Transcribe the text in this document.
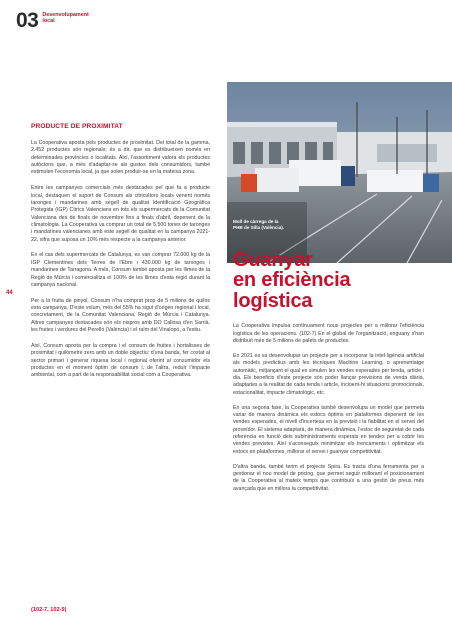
03 Desenvolupament local
44
PRODUCTE DE PROXIMITAT

La Cooperativa aposta pels productes de proximitat. Del total de la gamma, 2.452 productes són regionals; és a dir, que es distribueixen només en determinades províncies o localitats. Així, l'assortiment valora els productes autòctons que, a més d'adaptar-se als gustos dels consumidors, també estimulen l'economia local, ja que solen produir-se en la mateixa zona.

Entre les campanyes comercials més destacades pel que fa a producte local, destaquen el suport de Consum als citricultors locals venent només taronges i mandarines amb segell de qualitat Identificació Geogràfica Protegida (IGP) Cítrics Valencians en tots els supermercats de la Comunitat Valenciana des de finals de novembre fins a finals d'abril, depenent de la climatologia. La Cooperativa va comprar un total de 5.500 tones de taronges i mandarines valencianes amb este segell de qualitat en la campanya 2021-22, xifra que suposa un 10% més respecte a la campanya anterior.

En el cas dels supermercats de Catalunya, es van comprar 72.000 kg de la IGP Clementines dels Terres de l'Ebre i 430.000 kg de taronges i mandarines de Tarragona. A més, Consum també aposta per les llimes de la Regió de Múrcia i comercialitza el 100% de les llimes d'esta regió durant la campanya nacional.

Per a la fruita de pinyol, Consum n'ha comprat prop de 5 milions de quilos esta campanya. D'este volum, més del 55% ha sigut d'origen regional i local, concretament, de la Comunitat Valenciana, Regió de Múrcia i Catalunya. Altres campanyes destacades són els nispros amb DO Callosa d'en Sarrià, les fruites i verdures del Perelló (València) i el raïm del Vinalopó, a l'estiu.

Així, Consum aposta per la compra i el consum de fruites i hortalisses de proximitat i quilòmetre zero amb un doble objectiu: d'una banda, fer costat al sector primari i generar riquesa local i regional oferint al consumidor els productes en el moment òptim de consum i, de l'altra, reduir l'impacte ambiental, com a part de la responsabilitat social com a Cooperativa.

(102-7, 102-9)
Moll de càrrega de la PHB de Silla (València).
Guanyar
en eficiència
logística

La Cooperativa impulsa contínuament nous projectes per a millorar l'eficiència logística de les operacions. (102-7) En el global de l'organització, enguany s'han distribuït més de 5 milions de palets de productes.

En 2021 es va desenvolupar un projecte per a incorporar la intel·ligència artificial als models predictius amb les tècniques Machine Learning, o aprenentatge automàtic, mitjançant el qual es simulen les vendes esperades per tenda, article i dia. Els beneficis d'este projecte són poder llançar previsions de venda diària, adaptades a la realitat de cada tenda i article, incloent-hi situacions promocionals, estacionalitat, impacte climatològic, etc.

En una segona fase, la Cooperativa també desenvolupa un model que permeta variar de manera dinàmica els estocs òptims en plataformes depenent de les vendes esperades, el nivell d'incertesa en la previsió i la fiabilitat en el servei del proveïdor. El sistema adaptarà, de manera dinàmica, l'estoc de seguretat de cada referència en funció dels subministraments esperats en tendes per a cobrir les vendes previstes. Així s'aconseguix minimitzar els trencaments i optimitzar els estocs en plataformes, millorar el servei i guanyar competitivitat.

D'altra banda, també terim el projecte Spira. Es tracta d'una ferramenta per a gestionar el nou model de pricing, que permet seguir millorant el posicionament de la Cooperativa al mateix temps que contribuïx a una gestió de preus més avançada que en millora la competitivitat.
